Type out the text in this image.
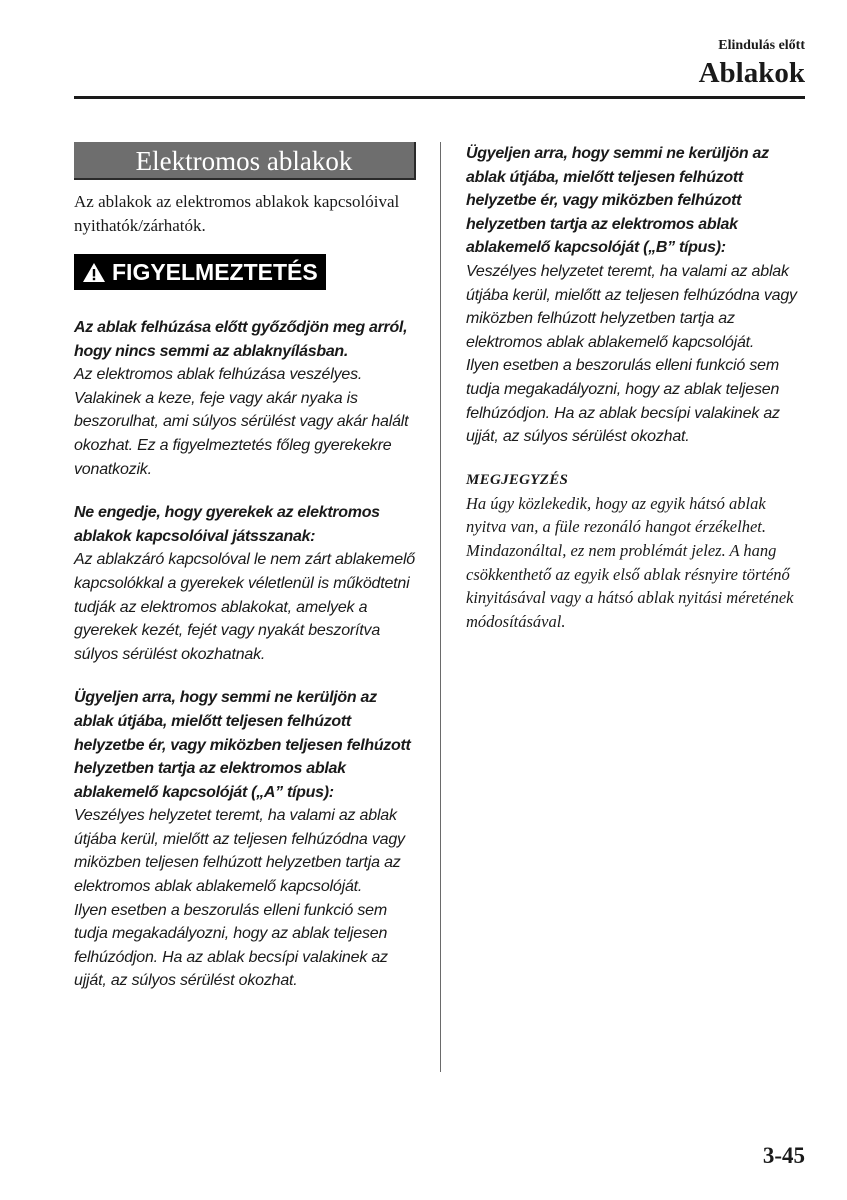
Elindulás előtt
Ablakok
Elektromos ablakok
Az ablakok az elektromos ablakok kapcsolóival nyithatók/zárhatók.
FIGYELMEZTETÉS
Az ablak felhúzása előtt győződjön meg arról, hogy nincs semmi az ablaknyílásban.
Az elektromos ablak felhúzása veszélyes. Valakinek a keze, feje vagy akár nyaka is beszorulhat, ami súlyos sérülést vagy akár halált okozhat. Ez a figyelmeztetés főleg gyerekekre vonatkozik.
Ne engedje, hogy gyerekek az elektromos ablakok kapcsolóival játsszanak:
Az ablakzáró kapcsolóval le nem zárt ablakemelő kapcsolókkal a gyerekek véletlenül is működtetni tudják az elektromos ablakokat, amelyek a gyerekek kezét, fejét vagy nyakát beszorítva súlyos sérülést okozhatnak.
Ügyeljen arra, hogy semmi ne kerüljön az ablak útjába, mielőtt teljesen felhúzott helyzetbe ér, vagy miközben teljesen felhúzott helyzetben tartja az elektromos ablak ablakemelő kapcsolóját („A” típus):
Veszélyes helyzetet teremt, ha valami az ablak útjába kerül, mielőtt az teljesen felhúzódna vagy miközben teljesen felhúzott helyzetben tartja az elektromos ablak ablakemelő kapcsolóját.
Ilyen esetben a beszorulás elleni funkció sem tudja megakadályozni, hogy az ablak teljesen felhúzódjon. Ha az ablak becsípi valakinek az ujját, az súlyos sérülést okozhat.
Ügyeljen arra, hogy semmi ne kerüljön az ablak útjába, mielőtt teljesen felhúzott helyzetbe ér, vagy miközben felhúzott helyzetben tartja az elektromos ablak ablakemelő kapcsolóját („B” típus):
Veszélyes helyzetet teremt, ha valami az ablak útjába kerül, mielőtt az teljesen felhúzódna vagy miközben felhúzott helyzetben tartja az elektromos ablak ablakemelő kapcsolóját.
Ilyen esetben a beszorulás elleni funkció sem tudja megakadályozni, hogy az ablak teljesen felhúzódjon. Ha az ablak becsípi valakinek az ujját, az súlyos sérülést okozhat.
MEGJEGYZÉS
Ha úgy közlekedik, hogy az egyik hátsó ablak nyitva van, a füle rezonáló hangot érzékelhet. Mindazonáltal, ez nem problémát jelez. A hang csökkenthető az egyik első ablak résnyire történő kinyitásával vagy a hátsó ablak nyitási méretének módosításával.
3-45
